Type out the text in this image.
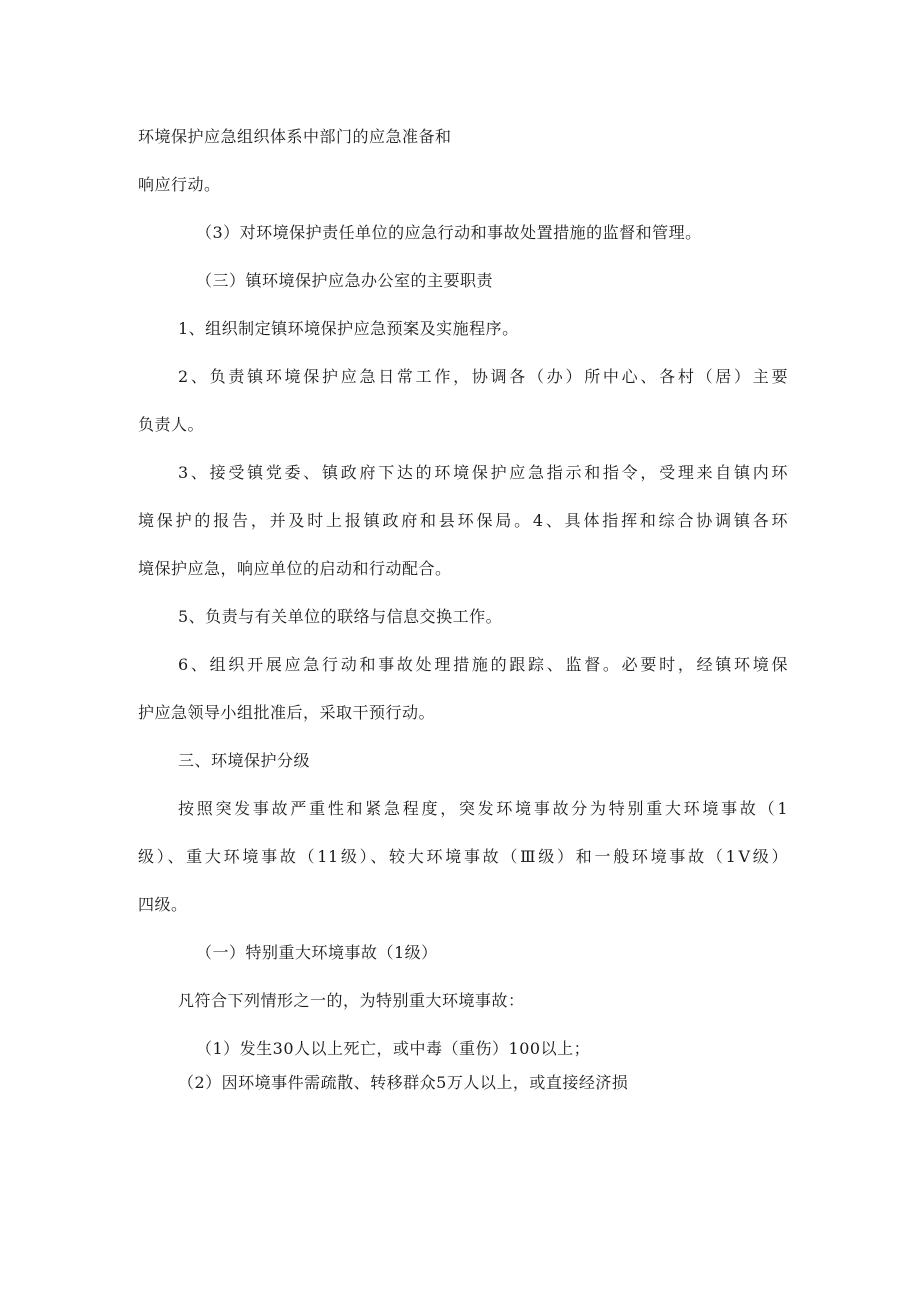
环境保护应急组织体系中部门的应急准备和
响应行动。
（3）对环境保护责任单位的应急行动和事故处置措施的监督和管理。
（三）镇环境保护应急办公室的主要职责
1、组织制定镇环境保护应急预案及实施程序。
2、负责镇环境保护应急日常工作，协调各（办）所中心、各村（居）主要
负责人。
3、接受镇党委、镇政府下达的环境保护应急指示和指令，受理来自镇内环
境保护的报告，并及时上报镇政府和县环保局。4、具体指挥和综合协调镇各环
境保护应急，响应单位的启动和行动配合。
5、负责与有关单位的联络与信息交换工作。
6、组织开展应急行动和事故处理措施的跟踪、监督。必要时，经镇环境保
护应急领导小组批准后，采取干预行动。
三、环境保护分级
按照突发事故严重性和紧急程度，突发环境事故分为特别重大环境事故（1
级）、重大环境事故（11级）、较大环境事故（Ⅲ级）和一般环境事故（1Ⅴ级）
四级。
（一）特别重大环境事故（1级）
凡符合下列情形之一的，为特别重大环境事故：
（1）发生30人以上死亡，或中毒（重伤）100以上；
（2）因环境事件需疏散、转移群众5万人以上，或直接经济损
